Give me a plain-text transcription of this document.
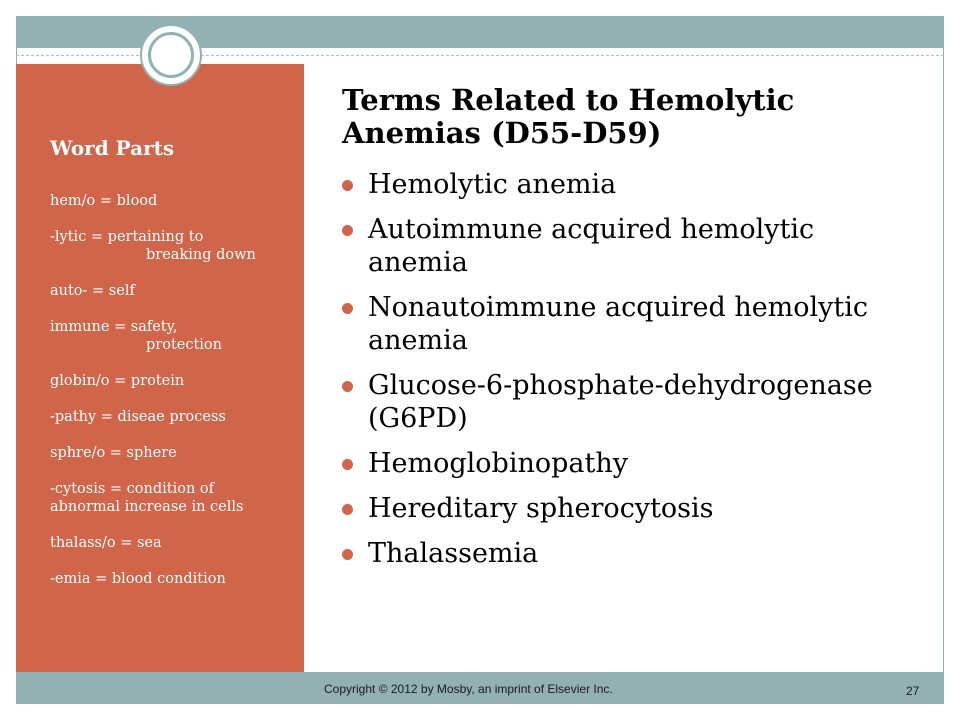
Word Parts
hem/o = blood
-lytic = pertaining to
breaking down
auto- = self
immune = safety,
protection
globin/o = protein
-pathy = diseae process
sphre/o = sphere
-cytosis = condition of
abnormal increase in cells
thalass/o = sea
-emia = blood condition
Terms Related to Hemolytic Anemias (D55-D59)
Hemolytic anemia
Autoimmune acquired hemolytic anemia
Nonautoimmune acquired hemolytic anemia
Glucose-6-phosphate-dehydrogenase (G6PD)
Hemoglobinopathy
Hereditary spherocytosis
Thalassemia
Copyright © 2012 by Mosby, an imprint of Elsevier Inc.	27
